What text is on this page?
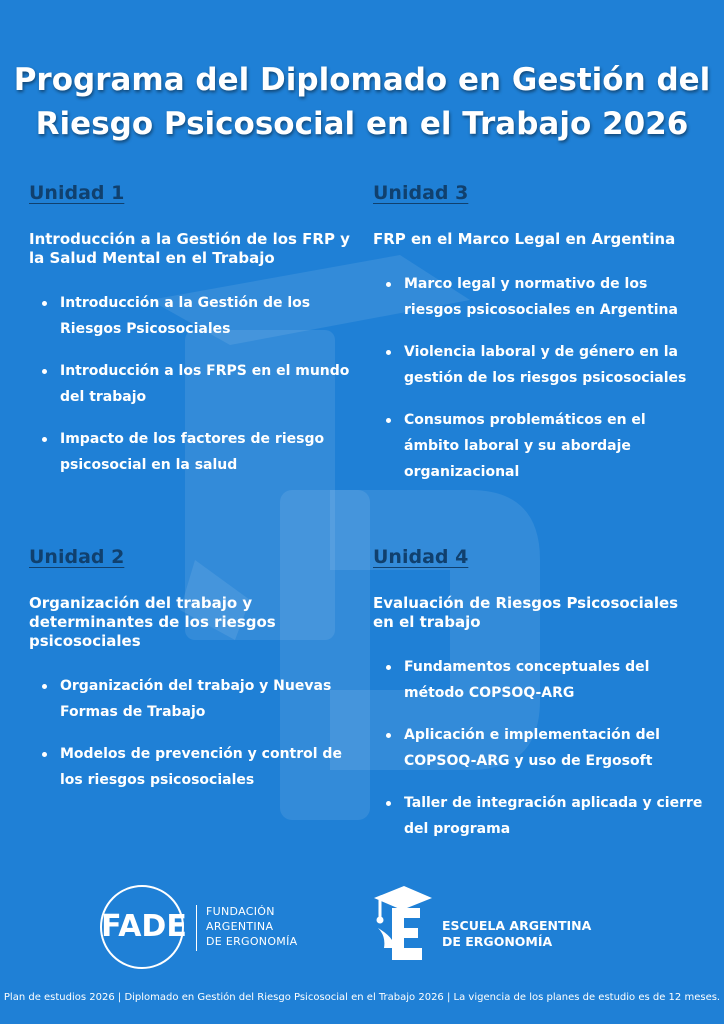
Programa del Diplomado en Gestión del
Riesgo Psicosocial en el Trabajo 2026
Unidad 1
Introducción a la Gestión de los FRP y la Salud Mental en el Trabajo
Introducción a la Gestión de los Riesgos Psicosociales
Introducción a los FRPS en el mundo del trabajo
Impacto de los factores de riesgo psicosocial en la salud
Unidad 2
Organización del trabajo y determinantes de los riesgos psicosociales
Organización del trabajo y Nuevas Formas de Trabajo
Modelos de prevención y control de los riesgos psicosociales
Unidad 3
FRP en el Marco Legal en Argentina
Marco legal y normativo de los riesgos psicosociales en Argentina
Violencia laboral y de género en la gestión de los riesgos psicosociales
Consumos problemáticos en el ámbito laboral y su abordaje organizacional
Unidad 4
Evaluación de Riesgos Psicosociales en el trabajo
Fundamentos conceptuales del método COPSOQ-ARG
Aplicación e implementación del COPSOQ-ARG y uso de Ergosoft
Taller de integración aplicada y cierre del programa
FADE FUNDACIÓN
ARGENTINA
DE ERGONOMÍA
ESCUELA ARGENTINA
DE ERGONOMÍA
Plan de estudios 2026 | Diplomado en Gestión del Riesgo Psicosocial en el Trabajo 2026 | La vigencia de los planes de estudio es de 12 meses.
